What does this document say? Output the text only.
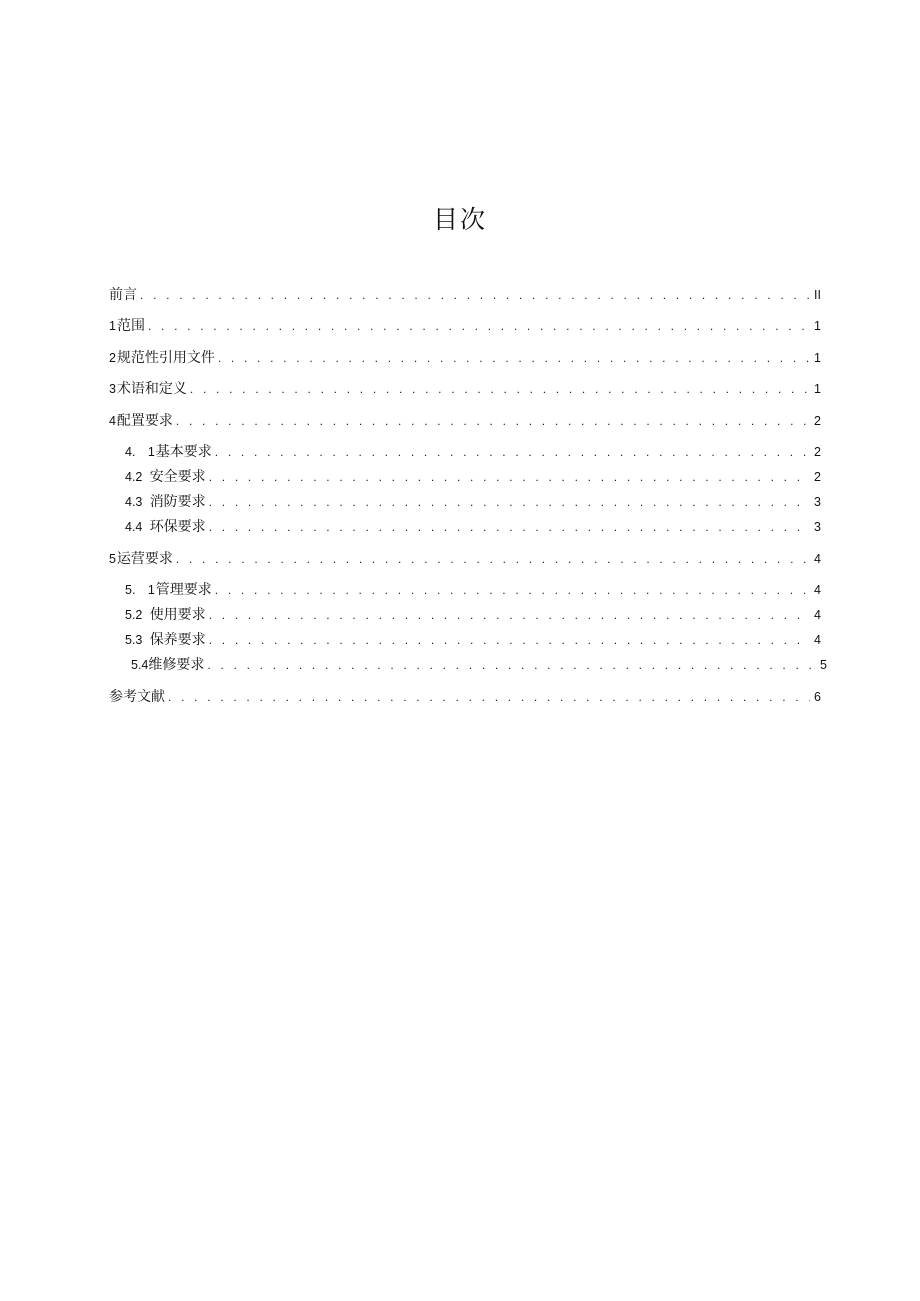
目次
前言 . . .	II
1 范围 . . .	1
2 规范性引用文件 . . .	1
3 术语和定义 . . .	1
4 配置要求 . . .	2
4.　1 基本要求 . . .	2
4.2 安全要求 . . .	2
4.3 消防要求 . . .	3
4.4 环保要求 . . .	3
5 运营要求 . . .	4
5.　1 管理要求 . . .	4
5.2 使用要求 . . .	4
5.3 保养要求 . . .	4
5.4 维修要求 . . .	5
参考文献 . . .	6
